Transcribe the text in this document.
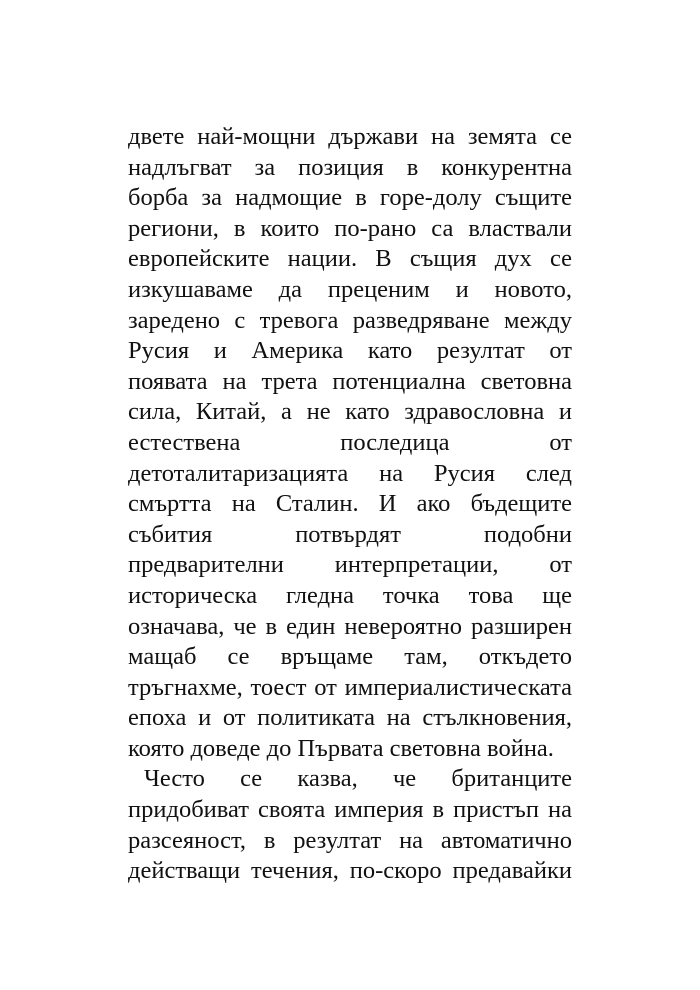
двете най-мощни държави на земята се
надлъгват за позиция в конкурентна
борба за надмощие в горе-долу същите
региони, в които по-рано са властвали
европейските нации. В същия дух се
изкушаваме да преценим и новото,
заредено с тревога разведряване между
Русия и Америка като резултат от
появата на трета потенциална световна
сила, Китай, а не като здравословна и
естествена последица от
детоталитаризацията на Русия след
смъртта на Сталин. И ако бъдещите
събития потвърдят подобни
предварителни интерпретации, от
историческа гледна точка това ще
означава, че в един невероятно разширен
мащаб се връщаме там, откъдето
тръгнахме, тоест от империалистическата
епоха и от политиката на стълкновения,
която доведе до Първата световна война.
Често се казва, че британците
придобиват своята империя в пристъп на
разсеяност, в резултат на автоматично
действащи течения, по-скоро предавайки
